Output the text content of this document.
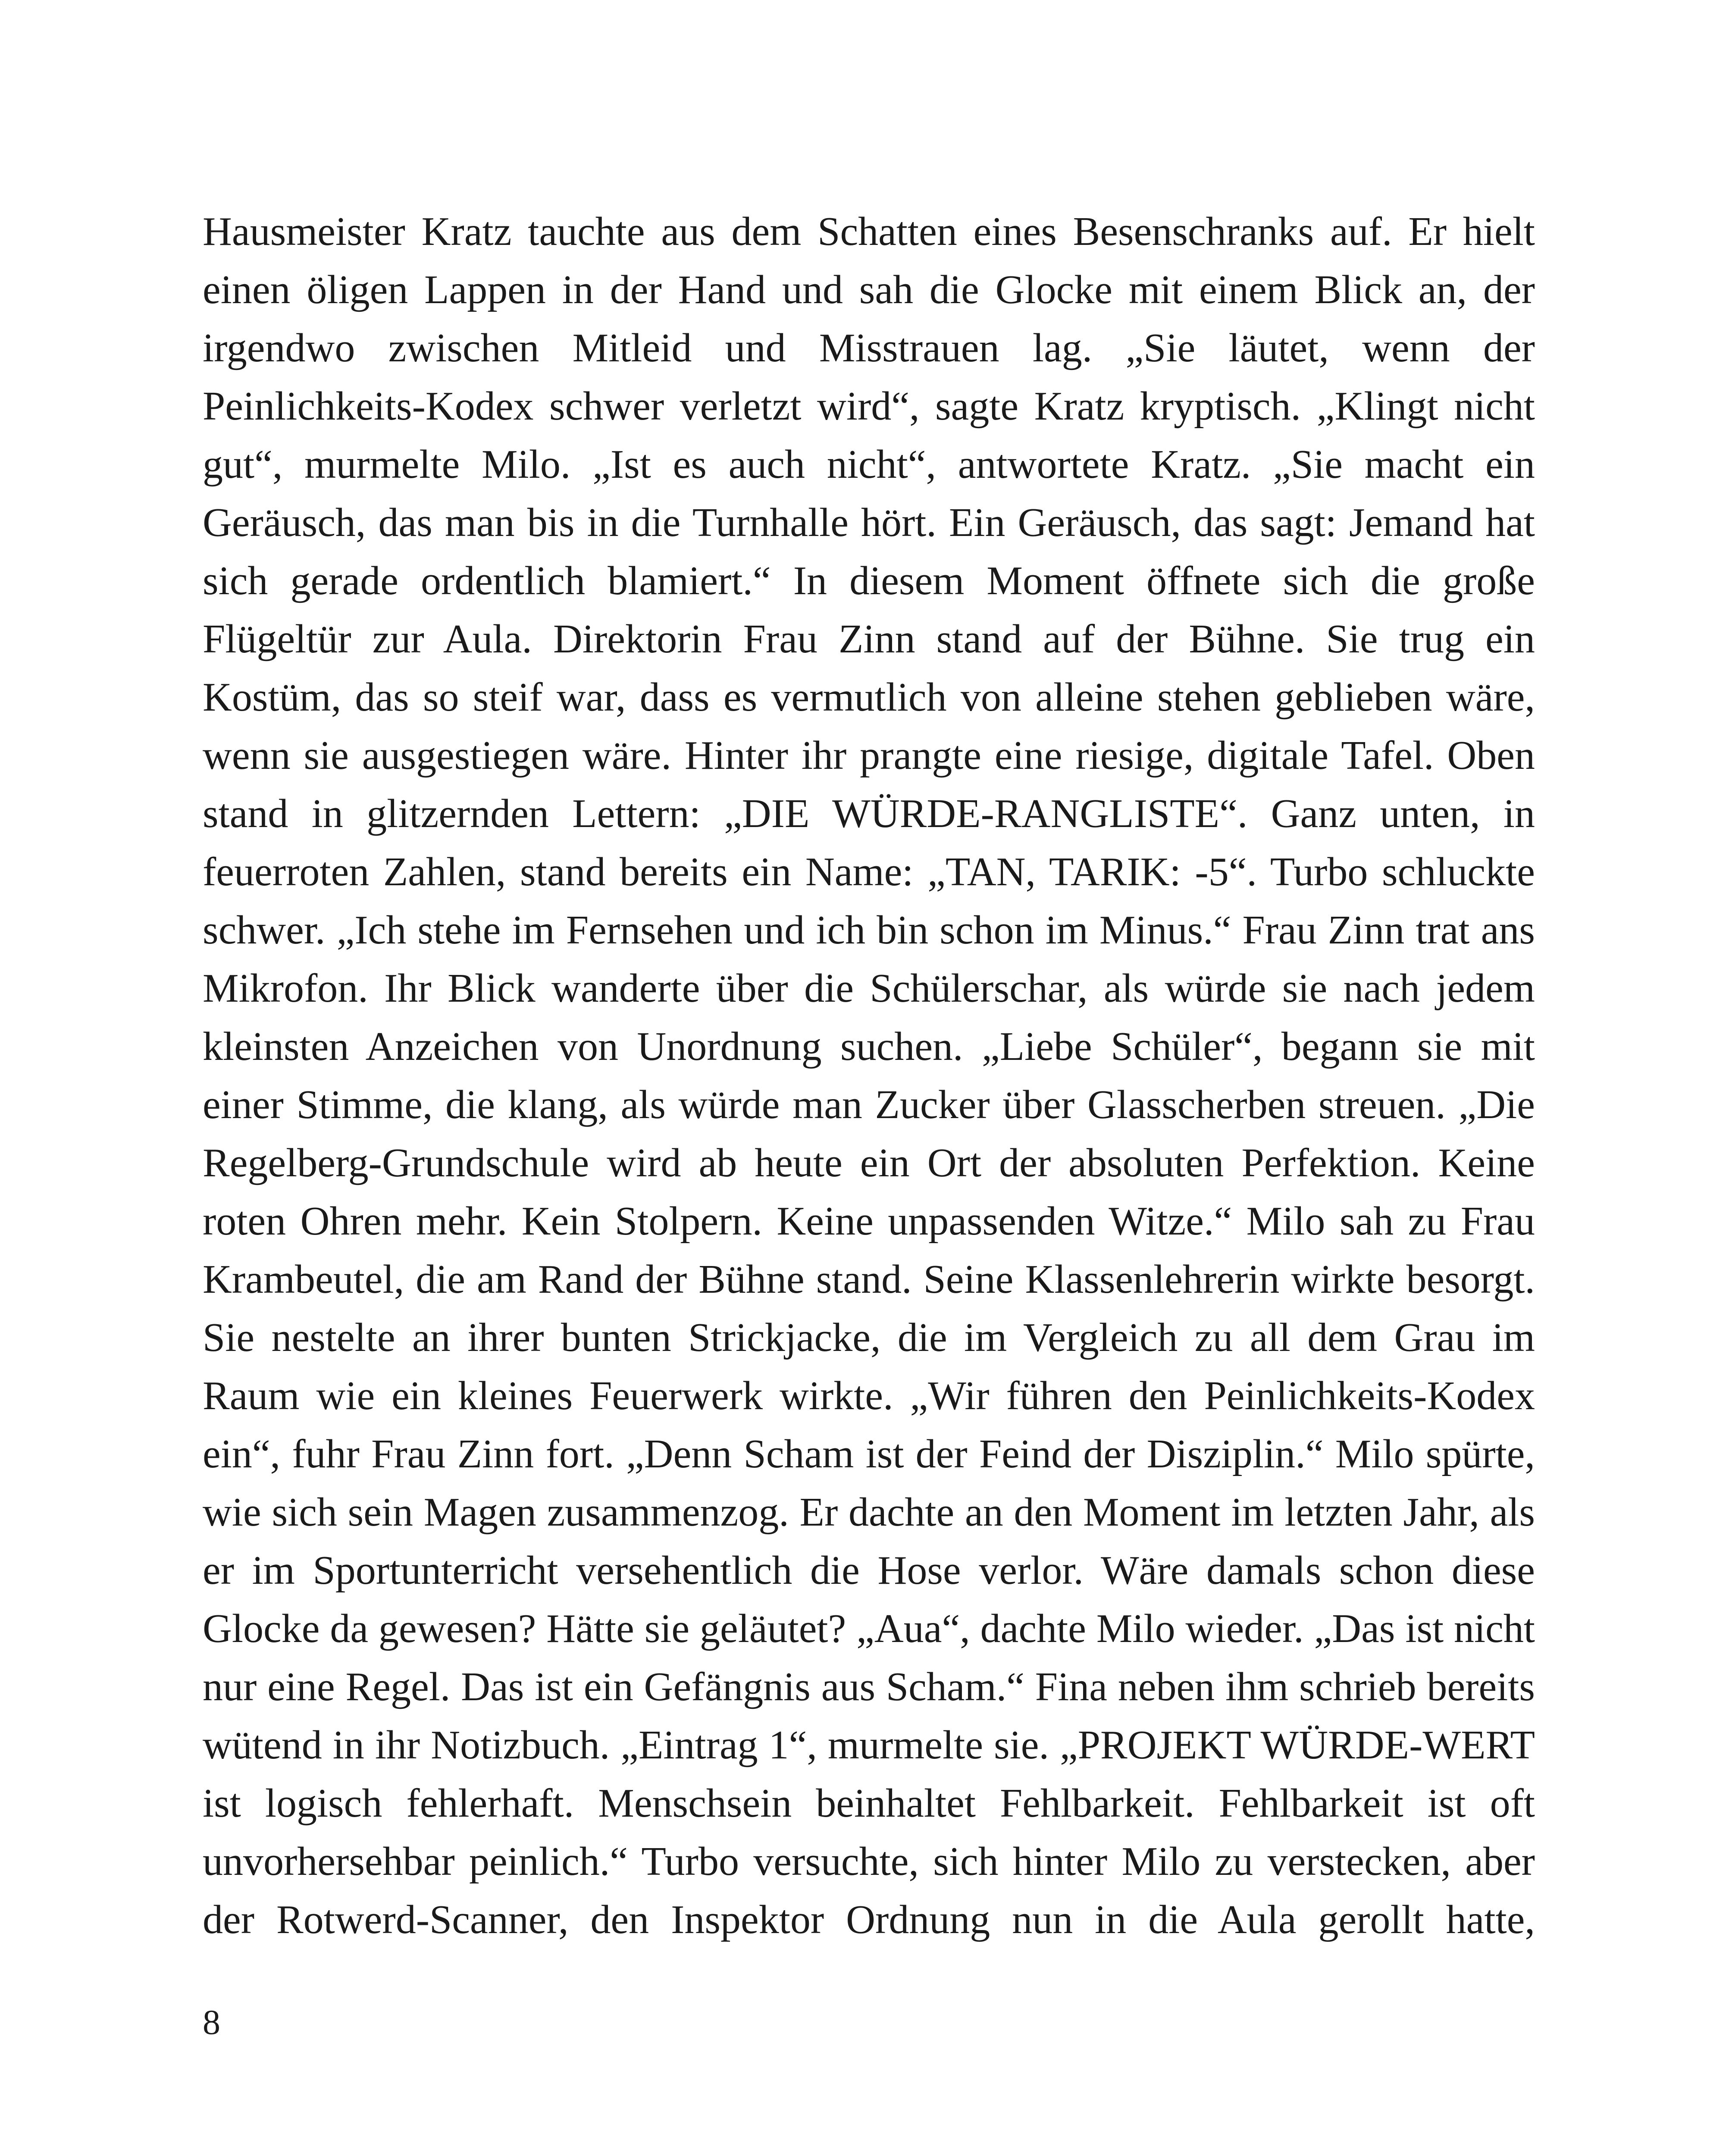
Hausmeister Kratz tauchte aus dem Schatten eines Besenschranks auf. Er hielt einen öligen Lappen in der Hand und sah die Glocke mit einem Blick an, der irgendwo zwischen Mitleid und Misstrauen lag. „Sie läutet, wenn der Peinlichkeits-Kodex schwer verletzt wird“, sagte Kratz kryptisch. „Klingt nicht gut“, murmelte Milo. „Ist es auch nicht“, antwortete Kratz. „Sie macht ein Geräusch, das man bis in die Turnhalle hört. Ein Geräusch, das sagt: Jemand hat sich gerade ordentlich blamiert.“ In diesem Moment öffnete sich die große Flügeltür zur Aula. Direktorin Frau Zinn stand auf der Bühne. Sie trug ein Kostüm, das so steif war, dass es vermutlich von alleine stehen geblieben wäre, wenn sie ausgestiegen wäre. Hinter ihr prangte eine riesige, digitale Tafel. Oben stand in glitzernden Lettern: „DIE WÜRDE-RANGLISTE“. Ganz unten, in feuerroten Zahlen, stand bereits ein Name: „TAN, TARIK: -5“. Turbo schluckte schwer. „Ich stehe im Fernsehen und ich bin schon im Minus.“ Frau Zinn trat ans Mikrofon. Ihr Blick wanderte über die Schülerschar, als würde sie nach jedem kleinsten Anzeichen von Unordnung suchen. „Liebe Schüler“, begann sie mit einer Stimme, die klang, als würde man Zucker über Glasscherben streuen. „Die Regelberg-Grundschule wird ab heute ein Ort der absoluten Perfektion. Keine roten Ohren mehr. Kein Stolpern. Keine unpassenden Witze.“ Milo sah zu Frau Krambeutel, die am Rand der Bühne stand. Seine Klassenlehrerin wirkte besorgt. Sie nestelte an ihrer bunten Strickjacke, die im Vergleich zu all dem Grau im Raum wie ein kleines Feuerwerk wirkte. „Wir führen den Peinlichkeits-Kodex ein“, fuhr Frau Zinn fort. „Denn Scham ist der Feind der Disziplin.“ Milo spürte, wie sich sein Magen zusammenzog. Er dachte an den Moment im letzten Jahr, als er im Sportunterricht versehentlich die Hose verlor. Wäre damals schon diese Glocke da gewesen? Hätte sie geläutet? „Aua“, dachte Milo wieder. „Das ist nicht nur eine Regel. Das ist ein Gefängnis aus Scham.“ Fina neben ihm schrieb bereits wütend in ihr Notizbuch. „Eintrag 1“, murmelte sie. „PROJEKT WÜRDE-WERT ist logisch fehlerhaft. Menschsein beinhaltet Fehlbarkeit. Fehlbarkeit ist oft unvorhersehbar peinlich.“ Turbo versuchte, sich hinter Milo zu verstecken, aber der Rotwerd-Scanner, den Inspektor Ordnung nun in die Aula gerollt hatte,

8
